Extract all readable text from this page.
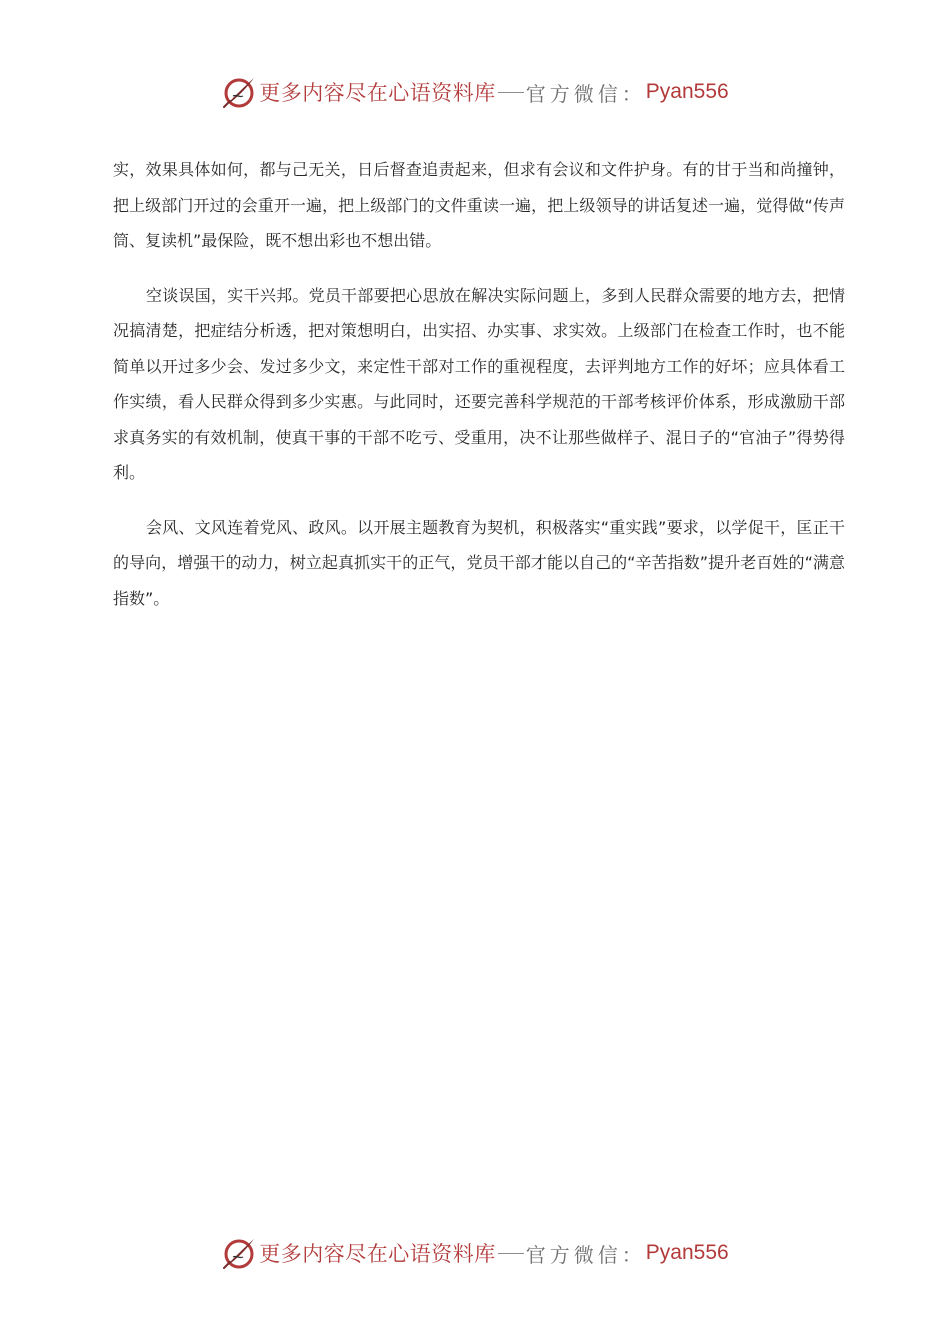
更多内容尽在心语资料库 官方微信： Pyan556

实，效果具体如何，都与己无关，日后督查追责起来，但求有会议和文件护身。有的甘于当和尚撞钟，把上级部门开过的会重开一遍，把上级部门的文件重读一遍，把上级领导的讲话复述一遍，觉得做“传声筒、复读机”最保险，既不想出彩也不想出错。

空谈误国，实干兴邦。党员干部要把心思放在解决实际问题上，多到人民群众需要的地方去，把情况搞清楚，把症结分析透，把对策想明白，出实招、办实事、求实效。上级部门在检查工作时，也不能简单以开过多少会、发过多少文，来定性干部对工作的重视程度，去评判地方工作的好坏；应具体看工作实绩，看人民群众得到多少实惠。与此同时，还要完善科学规范的干部考核评价体系，形成激励干部求真务实的有效机制，使真干事的干部不吃亏、受重用，决不让那些做样子、混日子的“官油子”得势得利。

会风、文风连着党风、政风。以开展主题教育为契机，积极落实“重实践”要求，以学促干，匡正干的导向，增强干的动力，树立起真抓实干的正气，党员干部才能以自己的“辛苦指数”提升老百姓的“满意指数”。

更多内容尽在心语资料库 官方微信： Pyan556
